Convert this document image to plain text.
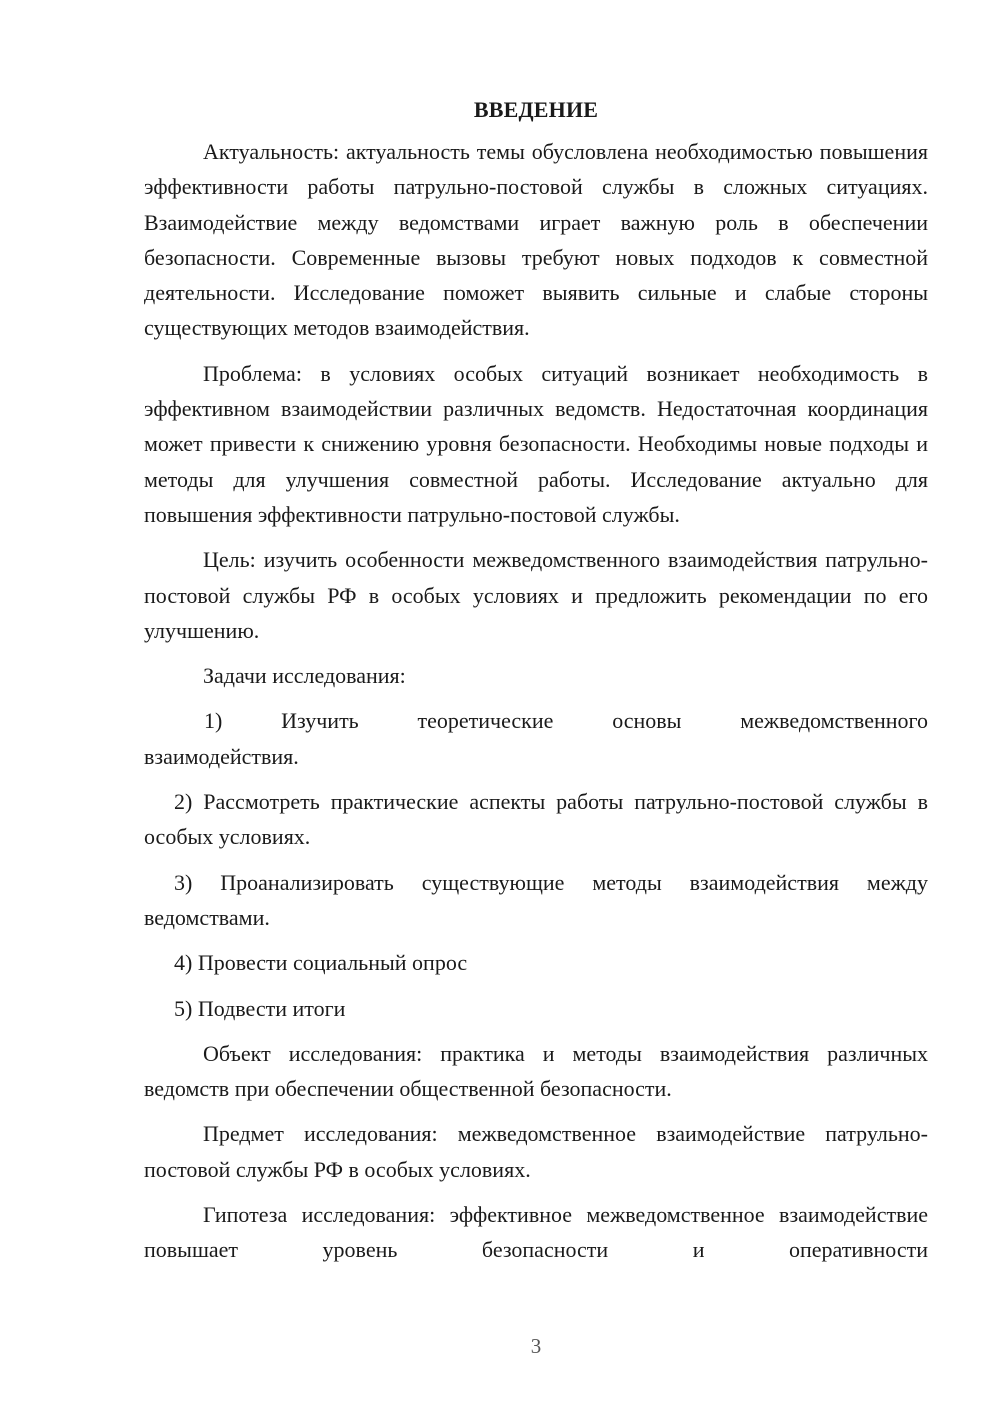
ВВЕДЕНИЕ

Актуальность: актуальность темы обусловлена необходимостью повышения эффективности работы патрульно-постовой службы в сложных ситуациях. Взаимодействие между ведомствами играет важную роль в обеспечении безопасности. Современные вызовы требуют новых подходов к совместной деятельности. Исследование поможет выявить сильные и слабые стороны существующих методов взаимодействия.

Проблема: в условиях особых ситуаций возникает необходимость в эффективном взаимодействии различных ведомств. Недостаточная координация может привести к снижению уровня безопасности. Необходимы новые подходы и методы для улучшения совместной работы. Исследование актуально для повышения эффективности патрульно-постовой службы.

Цель: изучить особенности межведомственного взаимодействия патрульно-постовой службы РФ в особых условиях и предложить рекомендации по его улучшению.

Задачи исследования:

1)	Изучить	теоретические	основы	межведомственного
взаимодействия.

2) Рассмотреть практические аспекты работы патрульно-постовой службы в особых условиях.

3) Проанализировать существующие методы взаимодействия между ведомствами.

4) Провести социальный опрос

5) Подвести итоги

Объект исследования: практика и методы взаимодействия различных ведомств при обеспечении общественной безопасности.

Предмет исследования: межведомственное взаимодействие патрульно-постовой службы РФ в особых условиях.

Гипотеза исследования: эффективное межведомственное взаимодействие повышает уровень безопасности и оперативности

3
